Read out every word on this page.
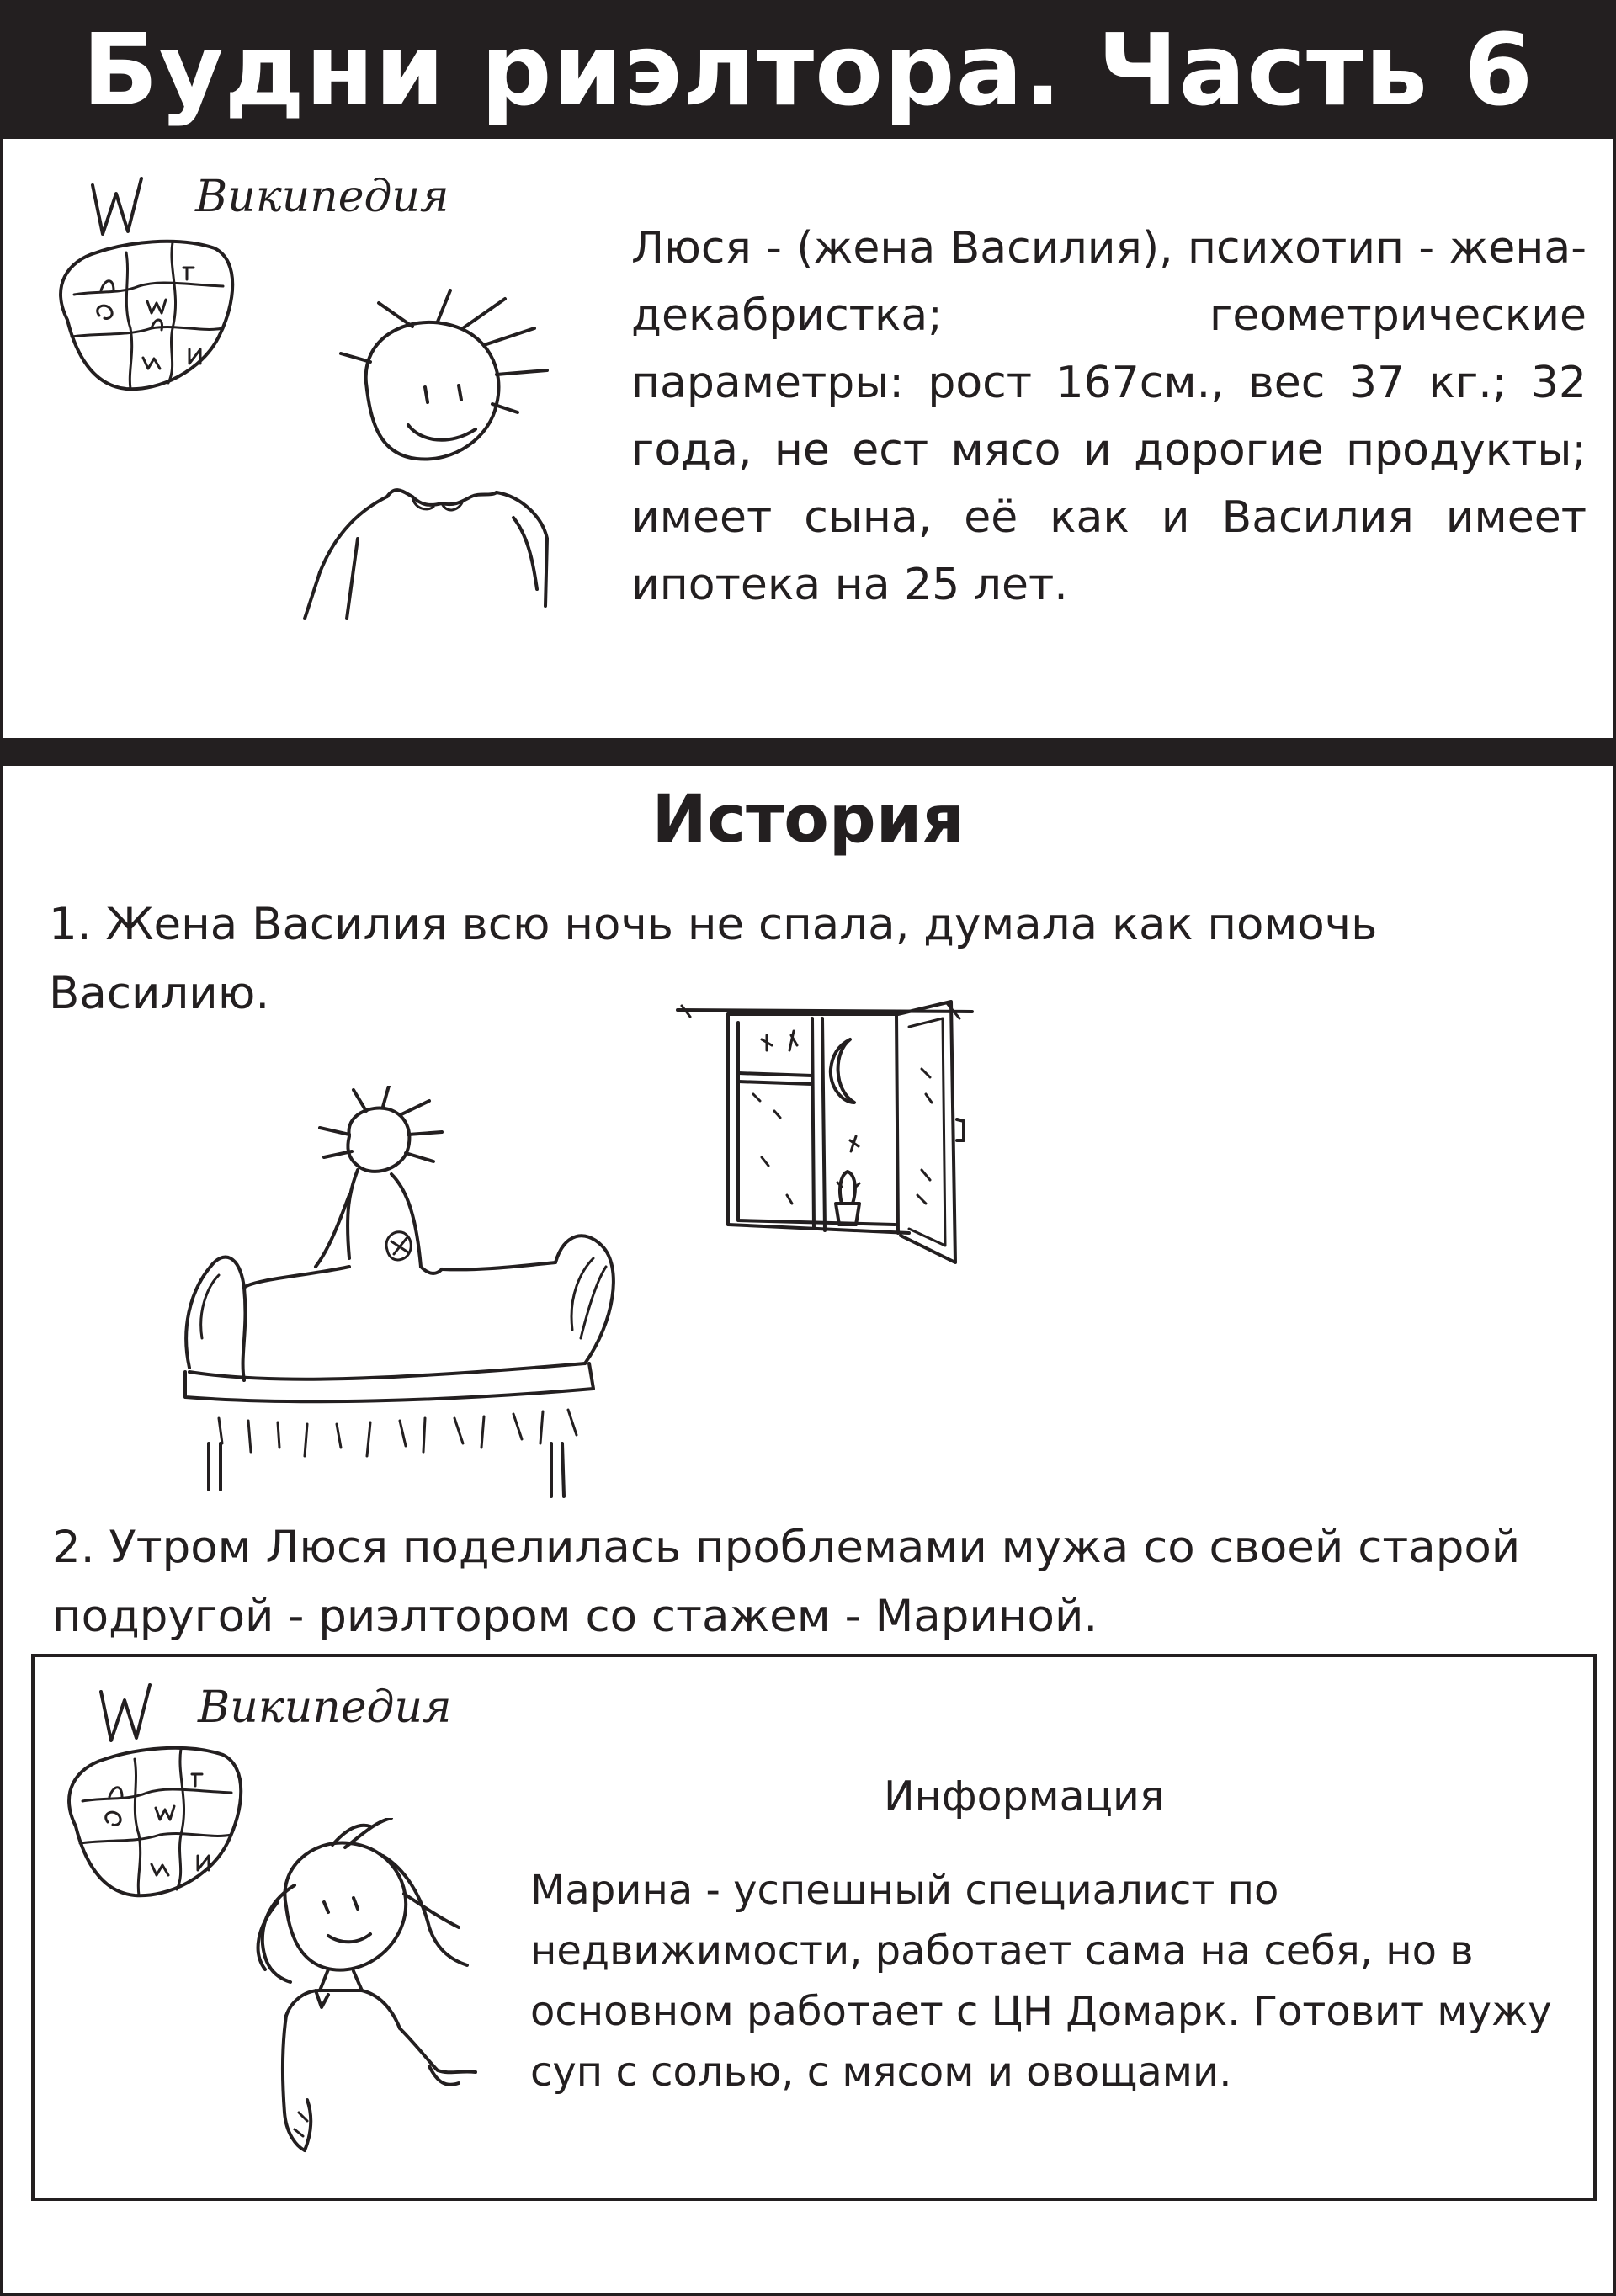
Будни риэлтора. Часть 6
Википедия
Люся - (жена Василия), психотип - жена-декабристка; геометрические параметры: рост 167см., вес 37 кг.; 32 года, не ест мясо и дорогие продукты; имеет сына, её как и Василия имеет ипотека на 25 лет.
История
1. Жена Василия всю ночь не спала, думала как помочь Василию.
2. Утром Люся поделилась проблемами мужа со своей старой подругой - риэлтором со стажем - Мариной.
Википедия
Информация
Марина - успешный специалист по недвижимости, работает сама на себя, но в основном работает с ЦН Домарк. Готовит мужу суп с солью, с мясом и овощами.
